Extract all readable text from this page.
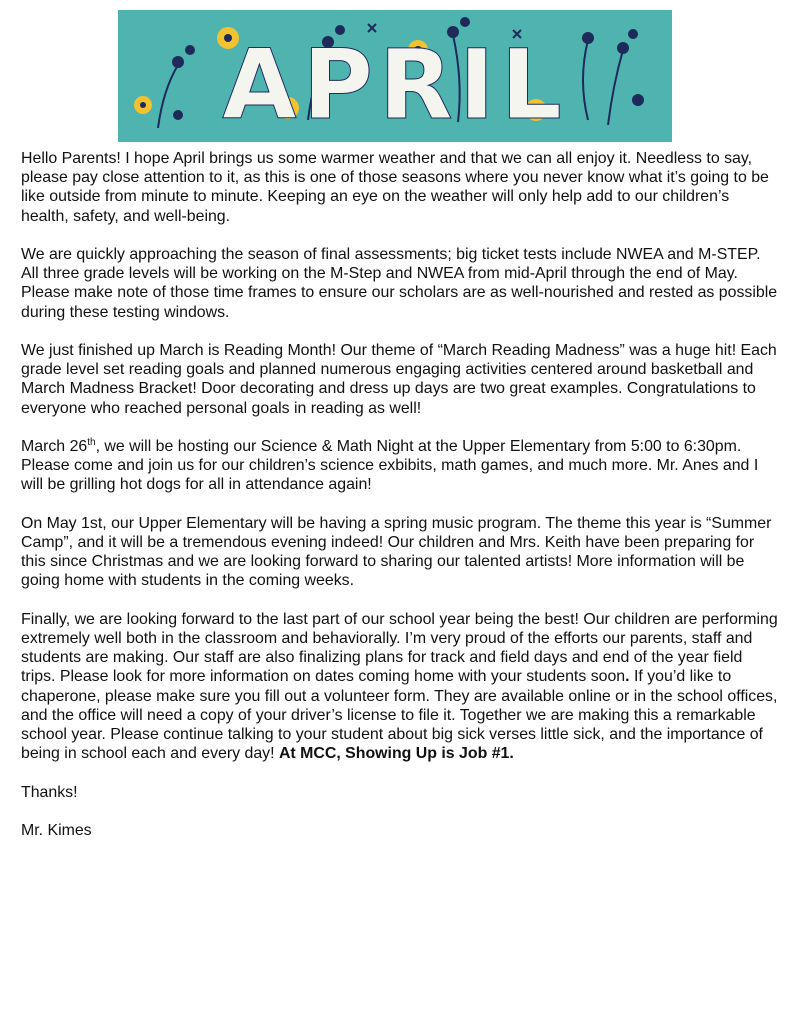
APRIL

Hello Parents! I hope April brings us some warmer weather and that we can all enjoy it. Needless to say, please pay close attention to it, as this is one of those seasons where you never know what it’s going to be like outside from minute to minute. Keeping an eye on the weather will only help add to our children’s health, safety, and well-being.

We are quickly approaching the season of final assessments; big ticket tests include NWEA and M-STEP. All three grade levels will be working on the M-Step and NWEA from mid-April through the end of May. Please make note of those time frames to ensure our scholars are as well-nourished and rested as possible during these testing windows.

We just finished up March is Reading Month! Our theme of “March Reading Madness” was a huge hit! Each grade level set reading goals and planned numerous engaging activities centered around basketball and March Madness Bracket! Door decorating and dress up days are two great examples. Congratulations to everyone who reached personal goals in reading as well!

March 26th, we will be hosting our Science & Math Night at the Upper Elementary from 5:00 to 6:30pm. Please come and join us for our children’s science exbibits, math games, and much more. Mr. Anes and I will be grilling hot dogs for all in attendance again!

On May 1st, our Upper Elementary will be having a spring music program. The theme this year is “Summer Camp”, and it will be a tremendous evening indeed! Our children and Mrs. Keith have been preparing for this since Christmas and we are looking forward to sharing our talented artists! More information will be going home with students in the coming weeks.

Finally, we are looking forward to the last part of our school year being the best! Our children are performing extremely well both in the classroom and behaviorally. I’m very proud of the efforts our parents, staff and students are making. Our staff are also finalizing plans for track and field days and end of the year field trips. Please look for more information on dates coming home with your students soon. If you’d like to chaperone, please make sure you fill out a volunteer form. They are available online or in the school offices, and the office will need a copy of your driver’s license to file it. Together we are making this a remarkable school year. Please continue talking to your student about big sick verses little sick, and the importance of being in school each and every day! At MCC, Showing Up is Job #1.

Thanks!

Mr. Kimes
